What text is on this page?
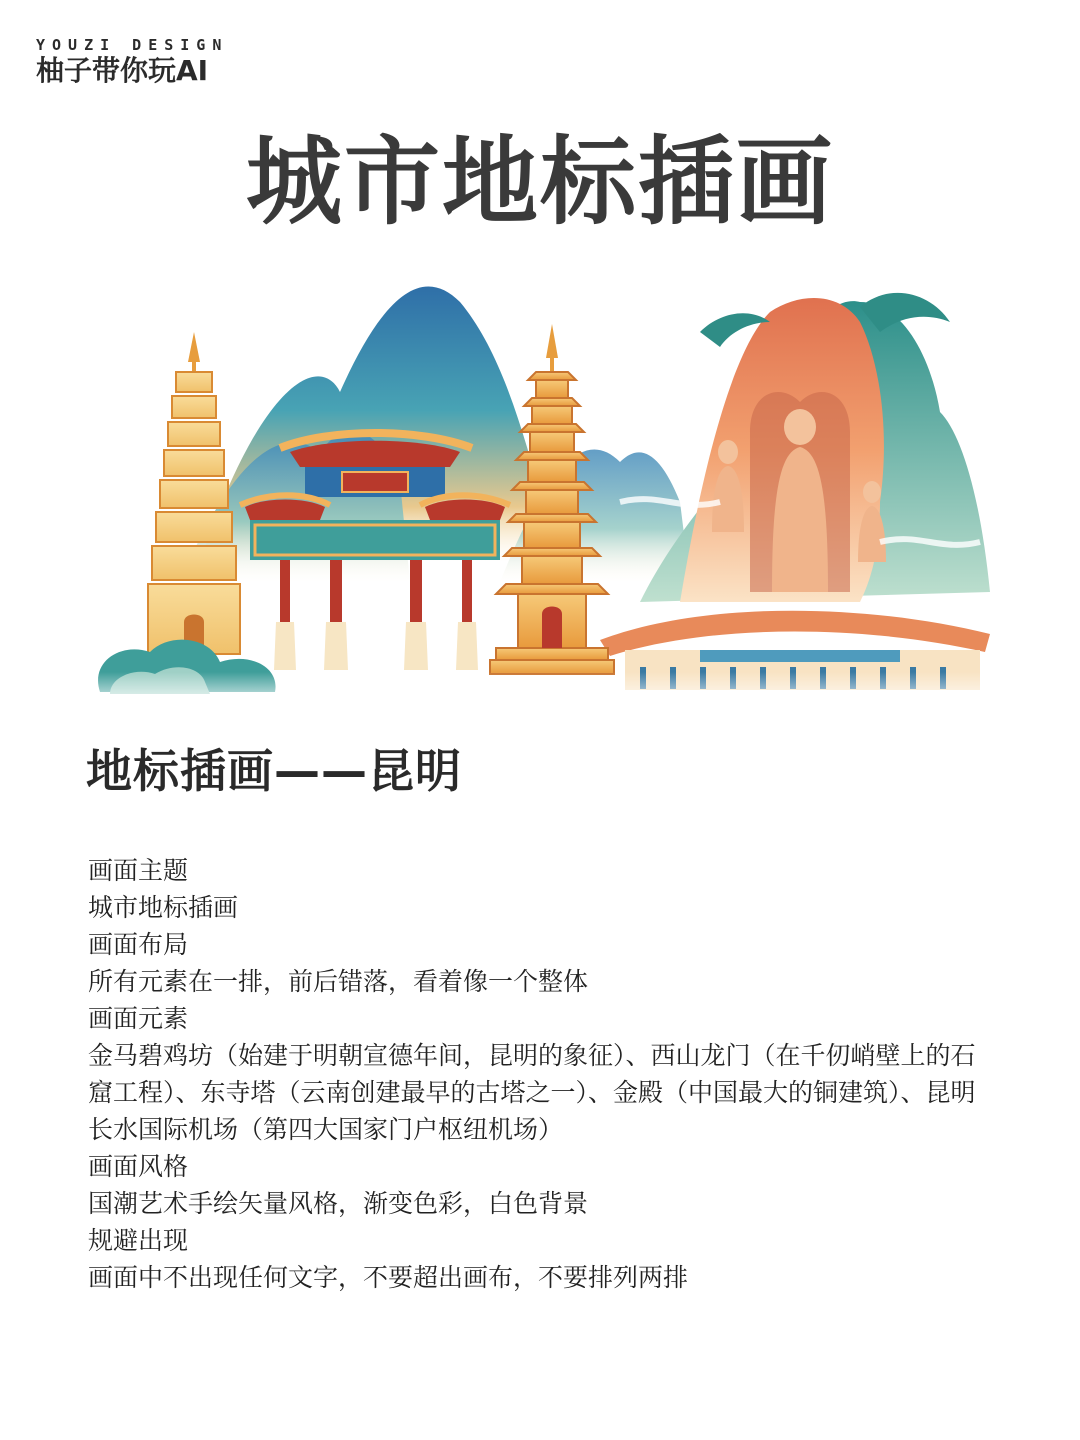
YOUZI DESIGN
柚子带你玩AI
城市地标插画
地标插画——昆明

画面主题

城市地标插画

画面布局

所有元素在一排，前后错落，看着像一个整体

画面元素

金马碧鸡坊（始建于明朝宣德年间，昆明的象征）、西山龙门（在千仞峭壁上的石窟工程）、东寺塔（云南创建最早的古塔之一）、金殿（中国最大的铜建筑）、昆明长水国际机场（第四大国家门户枢纽机场）

画面风格

国潮艺术手绘矢量风格，渐变色彩，白色背景

规避出现

画面中不出现任何文字，不要超出画布，不要排列两排
